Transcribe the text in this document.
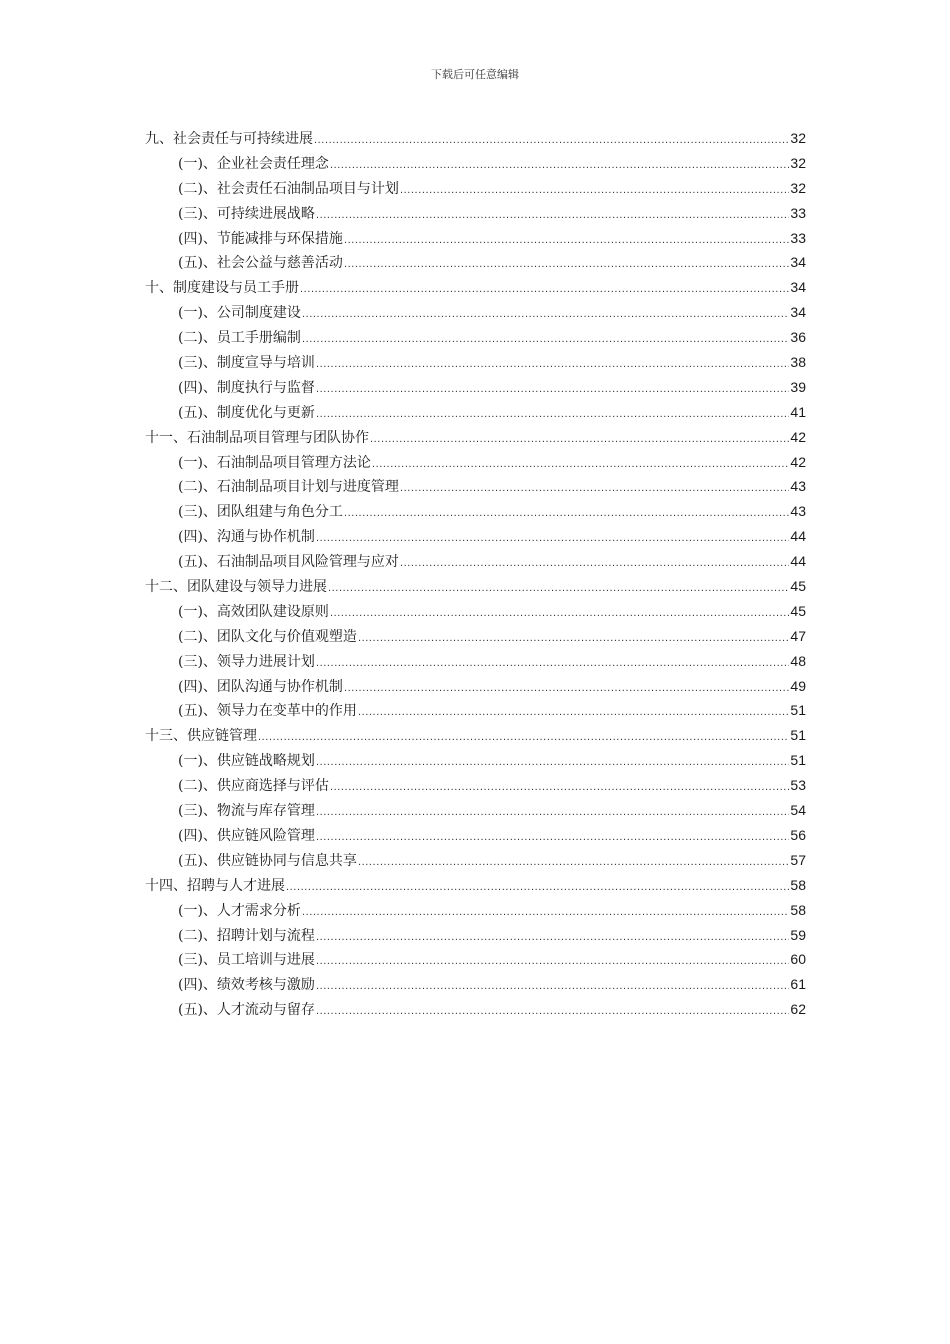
下载后可任意编辑
九、社会责任与可持续进展 .....	32
(一)、企业社会责任理念 .....	32
(二)、社会责任石油制品项目与计划 .....	32
(三)、可持续进展战略 .....	33
(四)、节能减排与环保措施 .....	33
(五)、社会公益与慈善活动 .....	34
十、制度建设与员工手册 .....	34
(一)、公司制度建设 .....	34
(二)、员工手册编制 .....	36
(三)、制度宣导与培训 .....	38
(四)、制度执行与监督 .....	39
(五)、制度优化与更新 .....	41
十一、石油制品项目管理与团队协作 .....	42
(一)、石油制品项目管理方法论 .....	42
(二)、石油制品项目计划与进度管理 .....	43
(三)、团队组建与角色分工 .....	43
(四)、沟通与协作机制 .....	44
(五)、石油制品项目风险管理与应对 .....	44
十二、团队建设与领导力进展 .....	45
(一)、高效团队建设原则 .....	45
(二)、团队文化与价值观塑造 .....	47
(三)、领导力进展计划 .....	48
(四)、团队沟通与协作机制 .....	49
(五)、领导力在变革中的作用 .....	51
十三、供应链管理 .....	51
(一)、供应链战略规划 .....	51
(二)、供应商选择与评估 .....	53
(三)、物流与库存管理 .....	54
(四)、供应链风险管理 .....	56
(五)、供应链协同与信息共享 .....	57
十四、招聘与人才进展 .....	58
(一)、人才需求分析 .....	58
(二)、招聘计划与流程 .....	59
(三)、员工培训与进展 .....	60
(四)、绩效考核与激励 .....	61
(五)、人才流动与留存 .....	62
